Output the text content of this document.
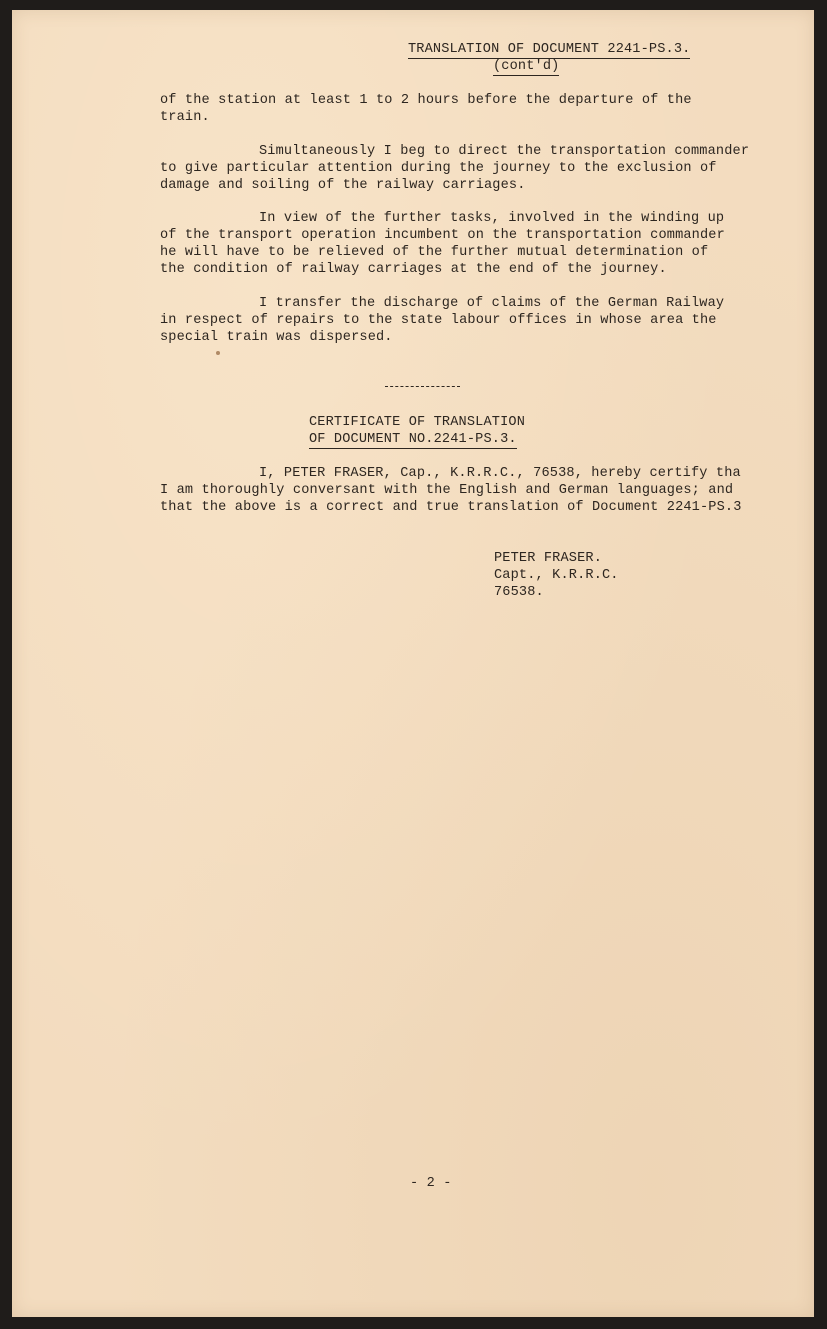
TRANSLATION OF DOCUMENT 2241-PS.3.
(cont'd)
of the station at least 1 to 2 hours before the departure of the
train.
Simultaneously I beg to direct the transportation commander
to give particular attention during the journey to the exclusion of
damage and soiling of the railway carriages.
In view of the further tasks, involved in the winding up
of the transport operation incumbent on the transportation commander
he will have to be relieved of the further mutual determination of
the condition of railway carriages at the end of the journey.
I transfer the discharge of claims of the German Railway
in respect of repairs to the state labour offices in whose area the
special train was dispersed.
CERTIFICATE OF TRANSLATION
OF DOCUMENT NO.2241-PS.3.
I, PETER FRASER, Cap., K.R.R.C., 76538, hereby certify tha
I am thoroughly conversant with the English and German languages; and
that the above is a correct and true translation of Document 2241-PS.3
PETER FRASER.
Capt., K.R.R.C.
76538.
- 2 -
